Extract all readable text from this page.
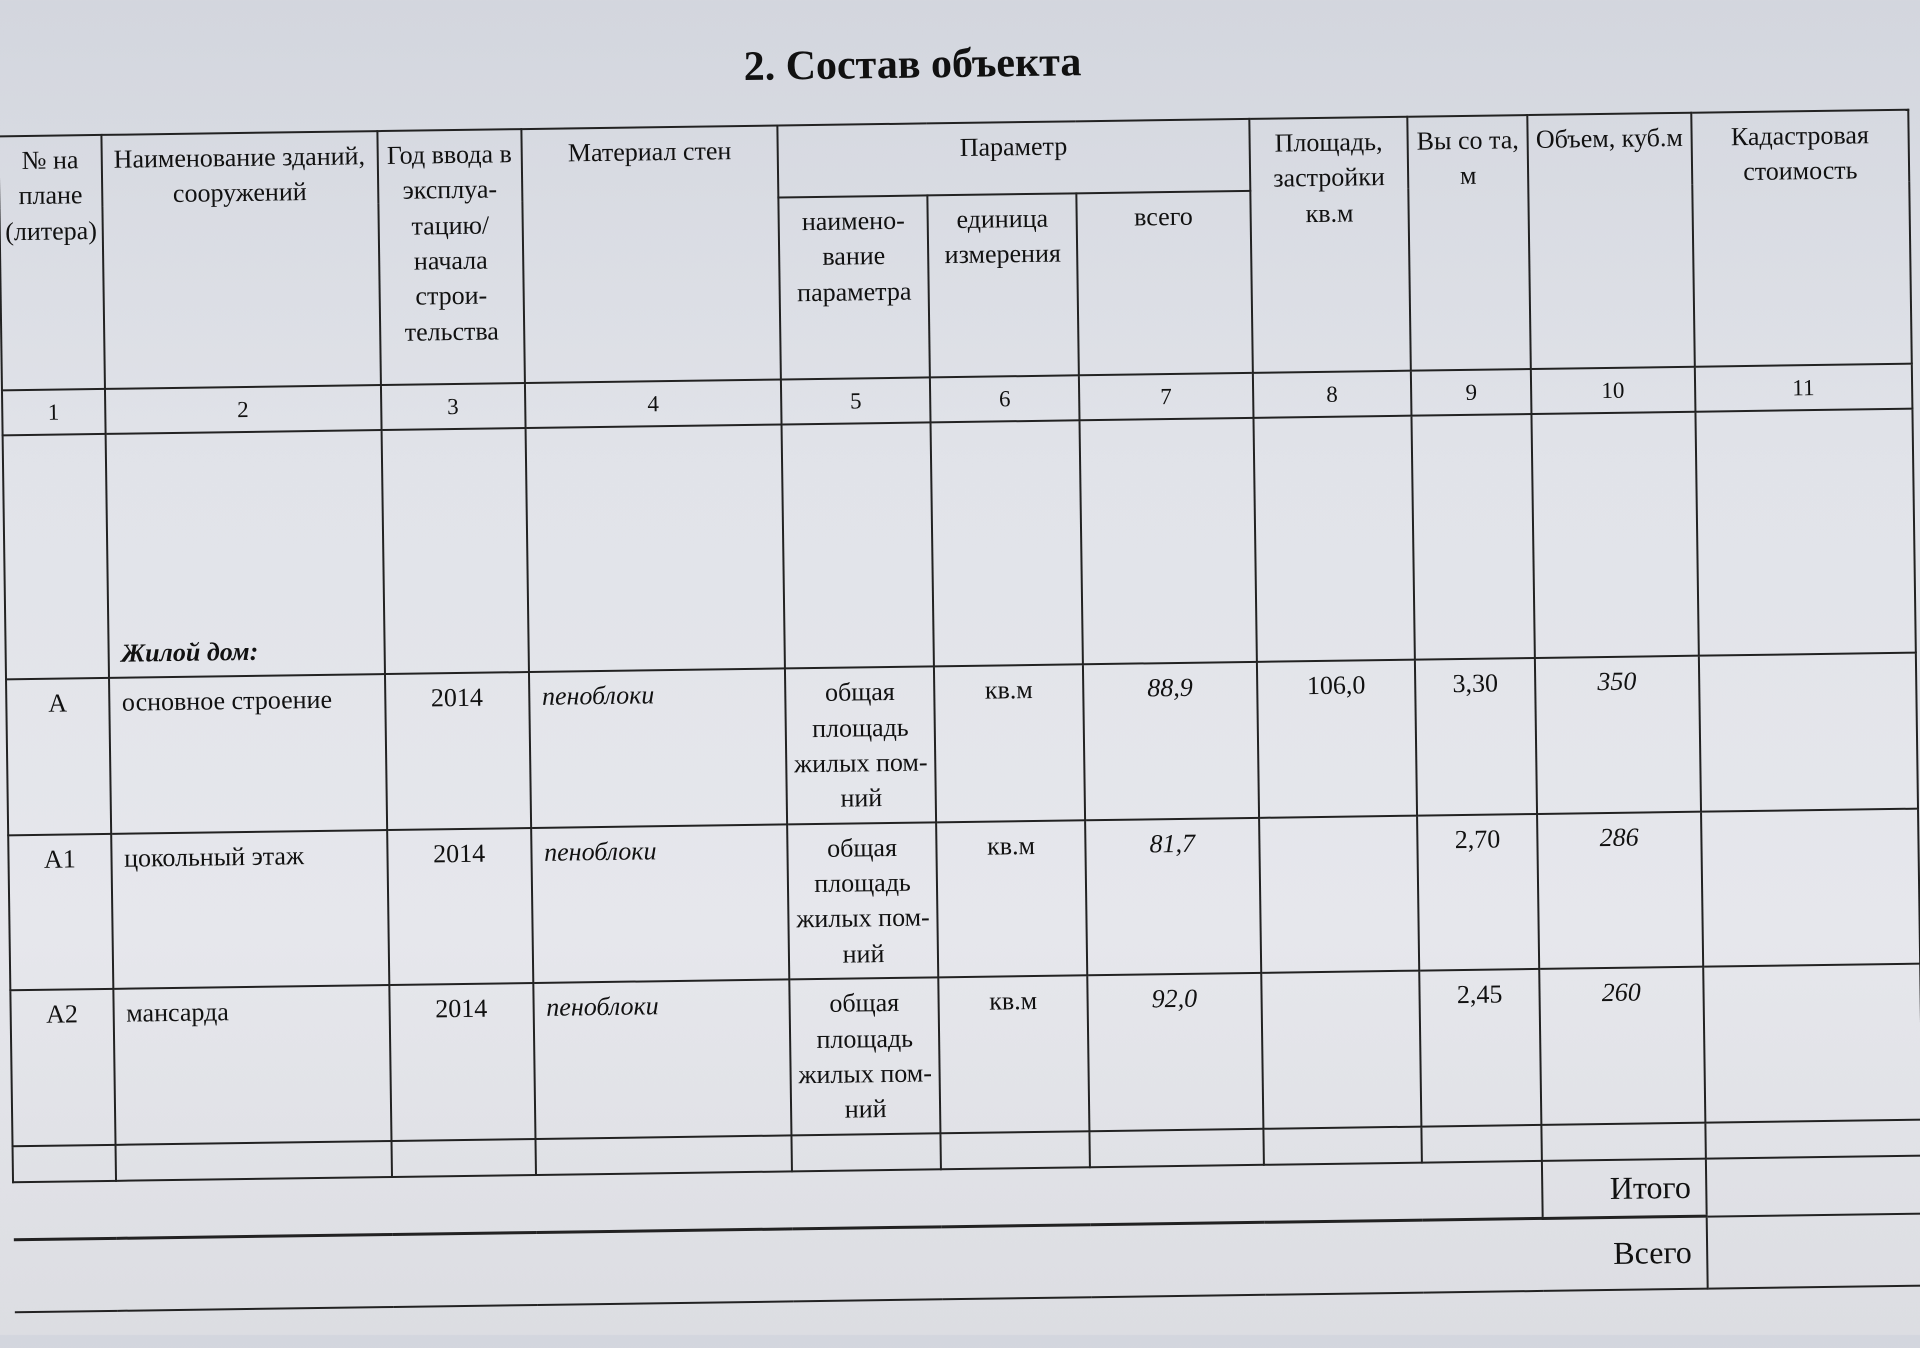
2. Состав объекта
№ на плане (литера)	Наименование зданий, сооружений	Год ввода в эксплуа-тацию/ начала строи-тельства	Материал стен	Параметр			Площадь, застройки кв.м	Вы со та, м	Объем, куб.м	Кадастровая стоимость
				наимено-вание параметра	единица измерения	всего				
1	2	3	4	5	6	7	8	9	10	11
	Жилой дом:									
А	основное строение	2014	пеноблоки	общая площадь жилых пом-ний	кв.м	88,9	106,0	3,30	350	
А1	цокольный этаж	2014	пеноблоки	общая площадь жилых пом-ний	кв.м	81,7		2,70	286	
А2	мансарда	2014	пеноблоки	общая площадь жилых пом-ний	кв.м	92,0		2,45	260	

									Итого	
Всего										
